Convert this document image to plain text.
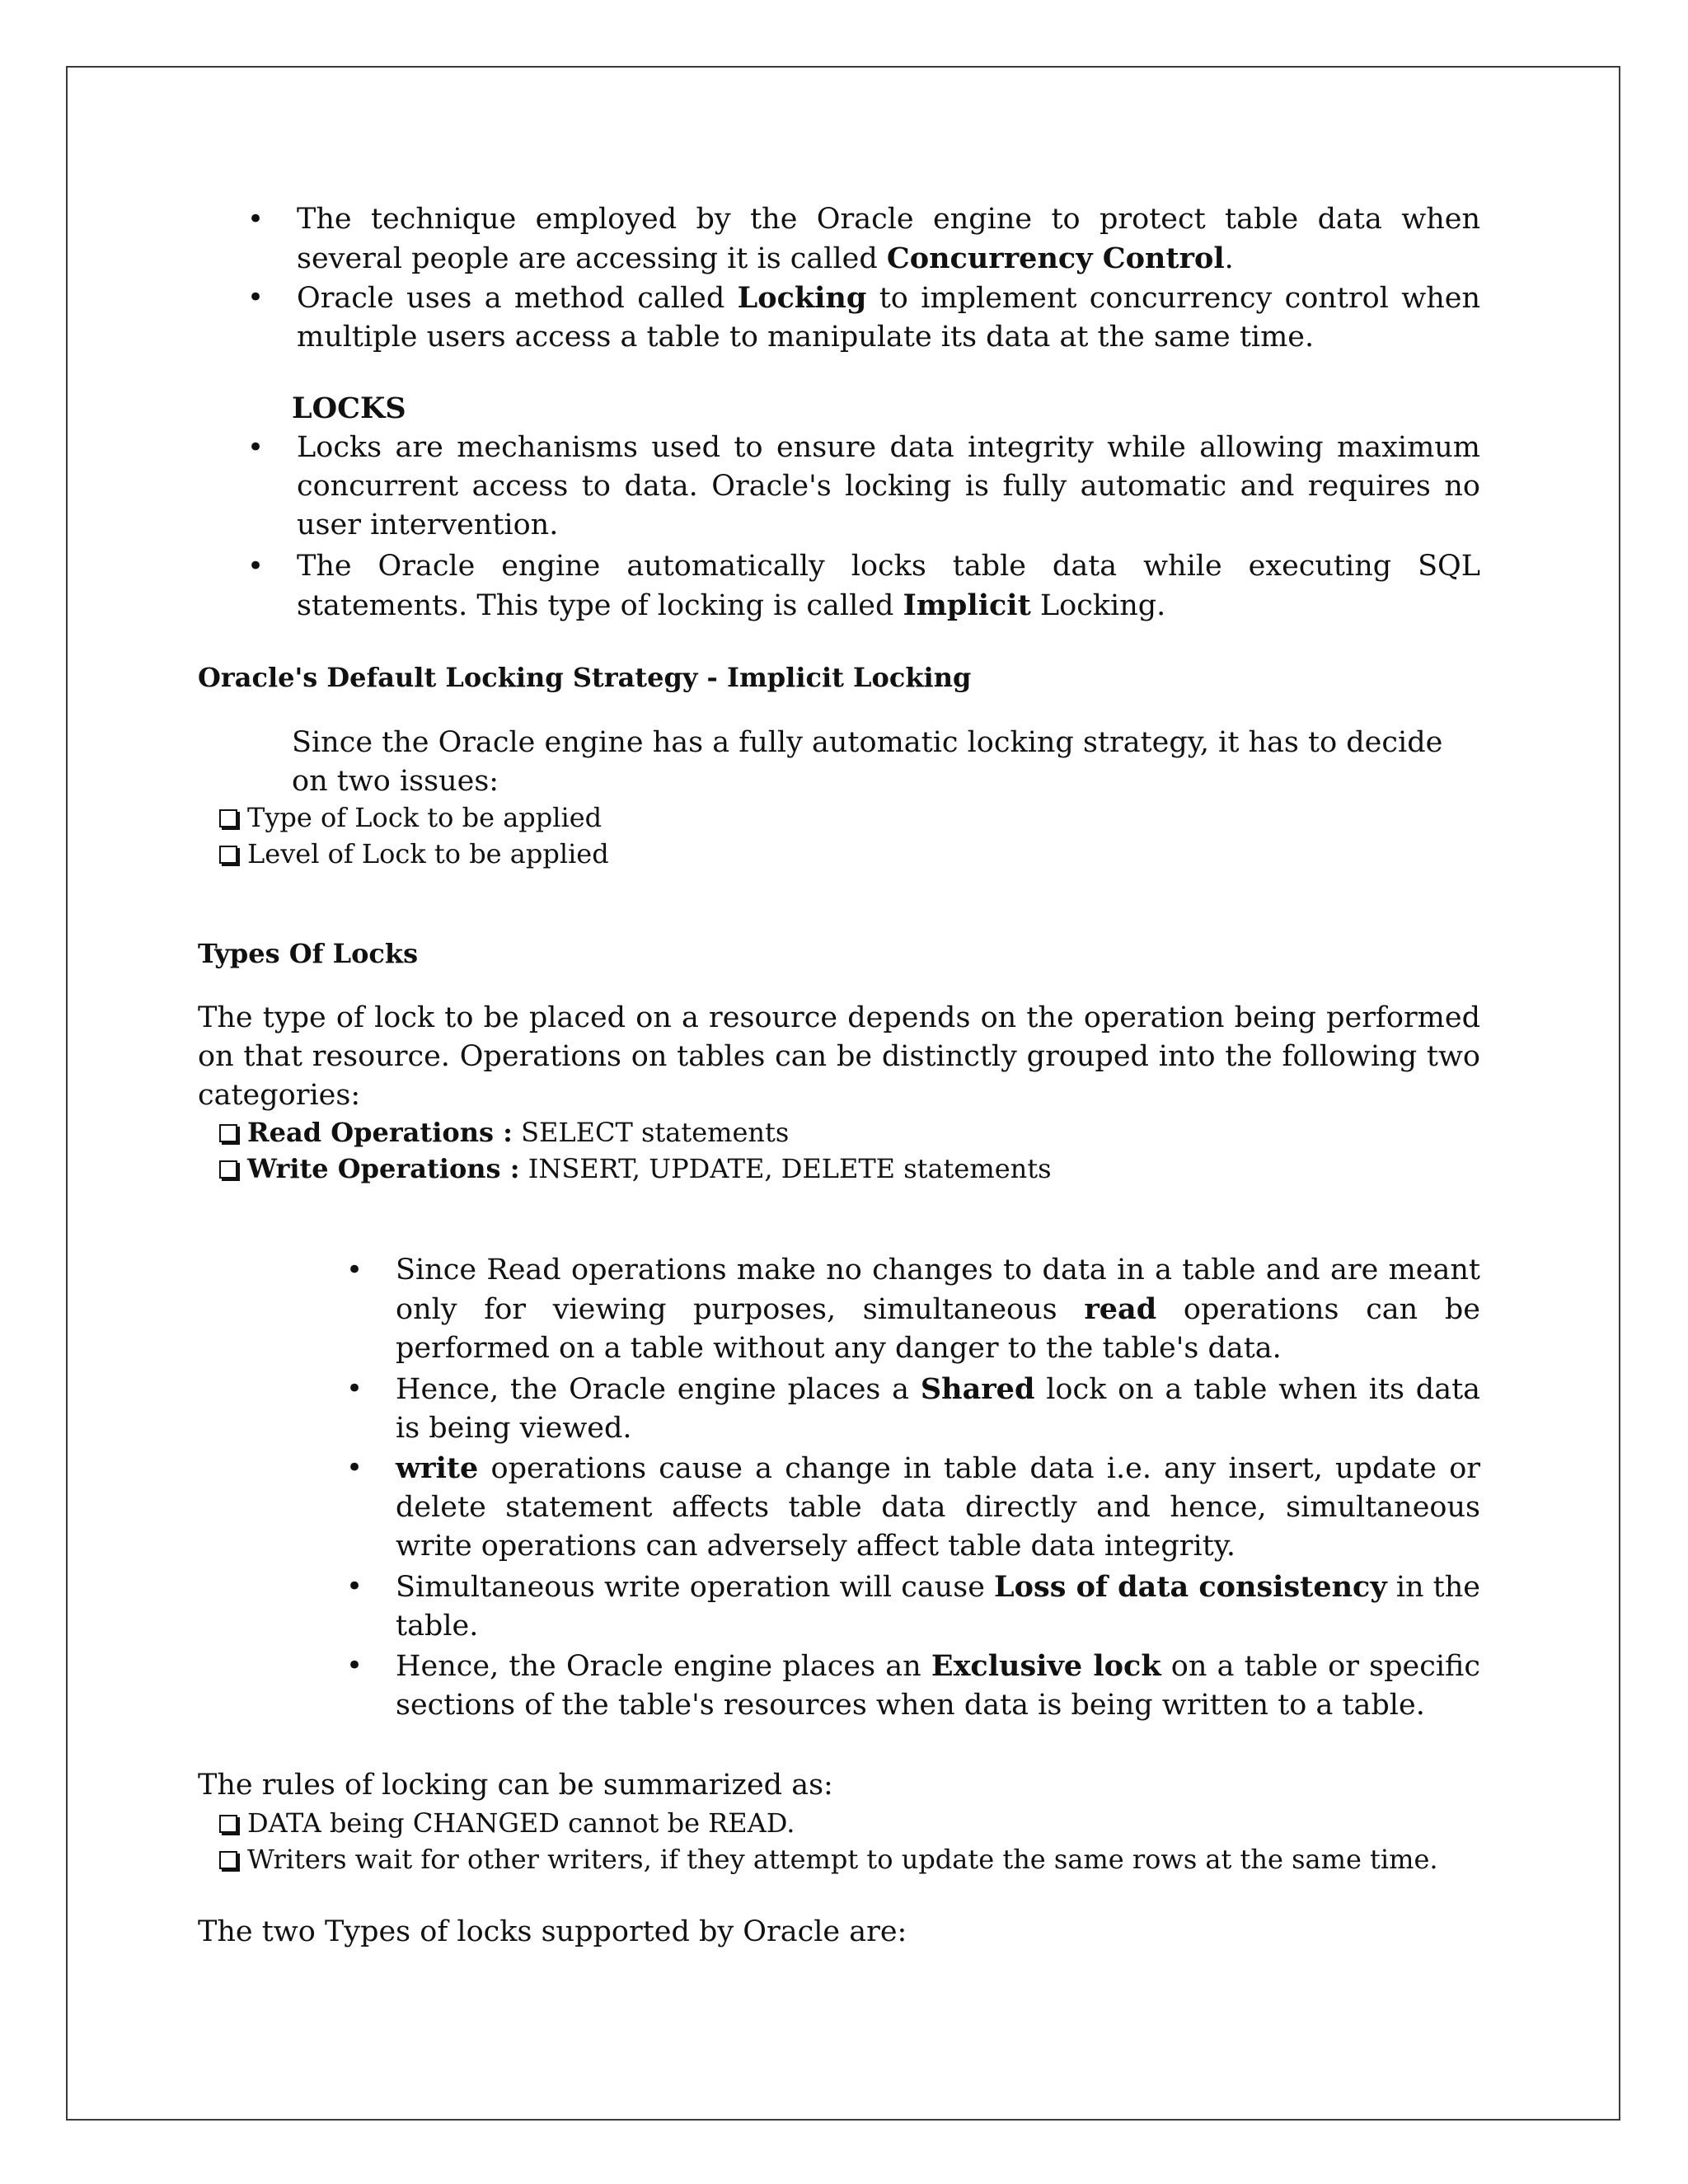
• The technique employed by the Oracle engine to protect table data when several people are accessing it is called Concurrency Control.
• Oracle uses a method called Locking to implement concurrency control when multiple users access a table to manipulate its data at the same time.
LOCKS
• Locks are mechanisms used to ensure data integrity while allowing maximum concurrent access to data. Oracle's locking is fully automatic and requires no user intervention.
• The Oracle engine automatically locks table data while executing SQL statements. This type of locking is called Implicit Locking.
Oracle's Default Locking Strategy - Implicit Locking
Since the Oracle engine has a fully automatic locking strategy, it has to decide on two issues:
Type of Lock to be applied
Level of Lock to be applied
Types Of Locks
The type of lock to be placed on a resource depends on the operation being performed on that resource. Operations on tables can be distinctly grouped into the following two categories:
Read Operations : SELECT statements
Write Operations : INSERT, UPDATE, DELETE statements
• Since Read operations make no changes to data in a table and are meant only for viewing purposes, simultaneous read operations can be performed on a table without any danger to the table's data.
• Hence, the Oracle engine places a Shared lock on a table when its data is being viewed.
• write operations cause a change in table data i.e. any insert, update or delete statement affects table data directly and hence, simultaneous write operations can adversely affect table data integrity.
• Simultaneous write operation will cause Loss of data consistency in the table.
• Hence, the Oracle engine places an Exclusive lock on a table or specific sections of the table's resources when data is being written to a table.
The rules of locking can be summarized as:
DATA being CHANGED cannot be READ.
Writers wait for other writers, if they attempt to update the same rows at the same time.
The two Types of locks supported by Oracle are:
